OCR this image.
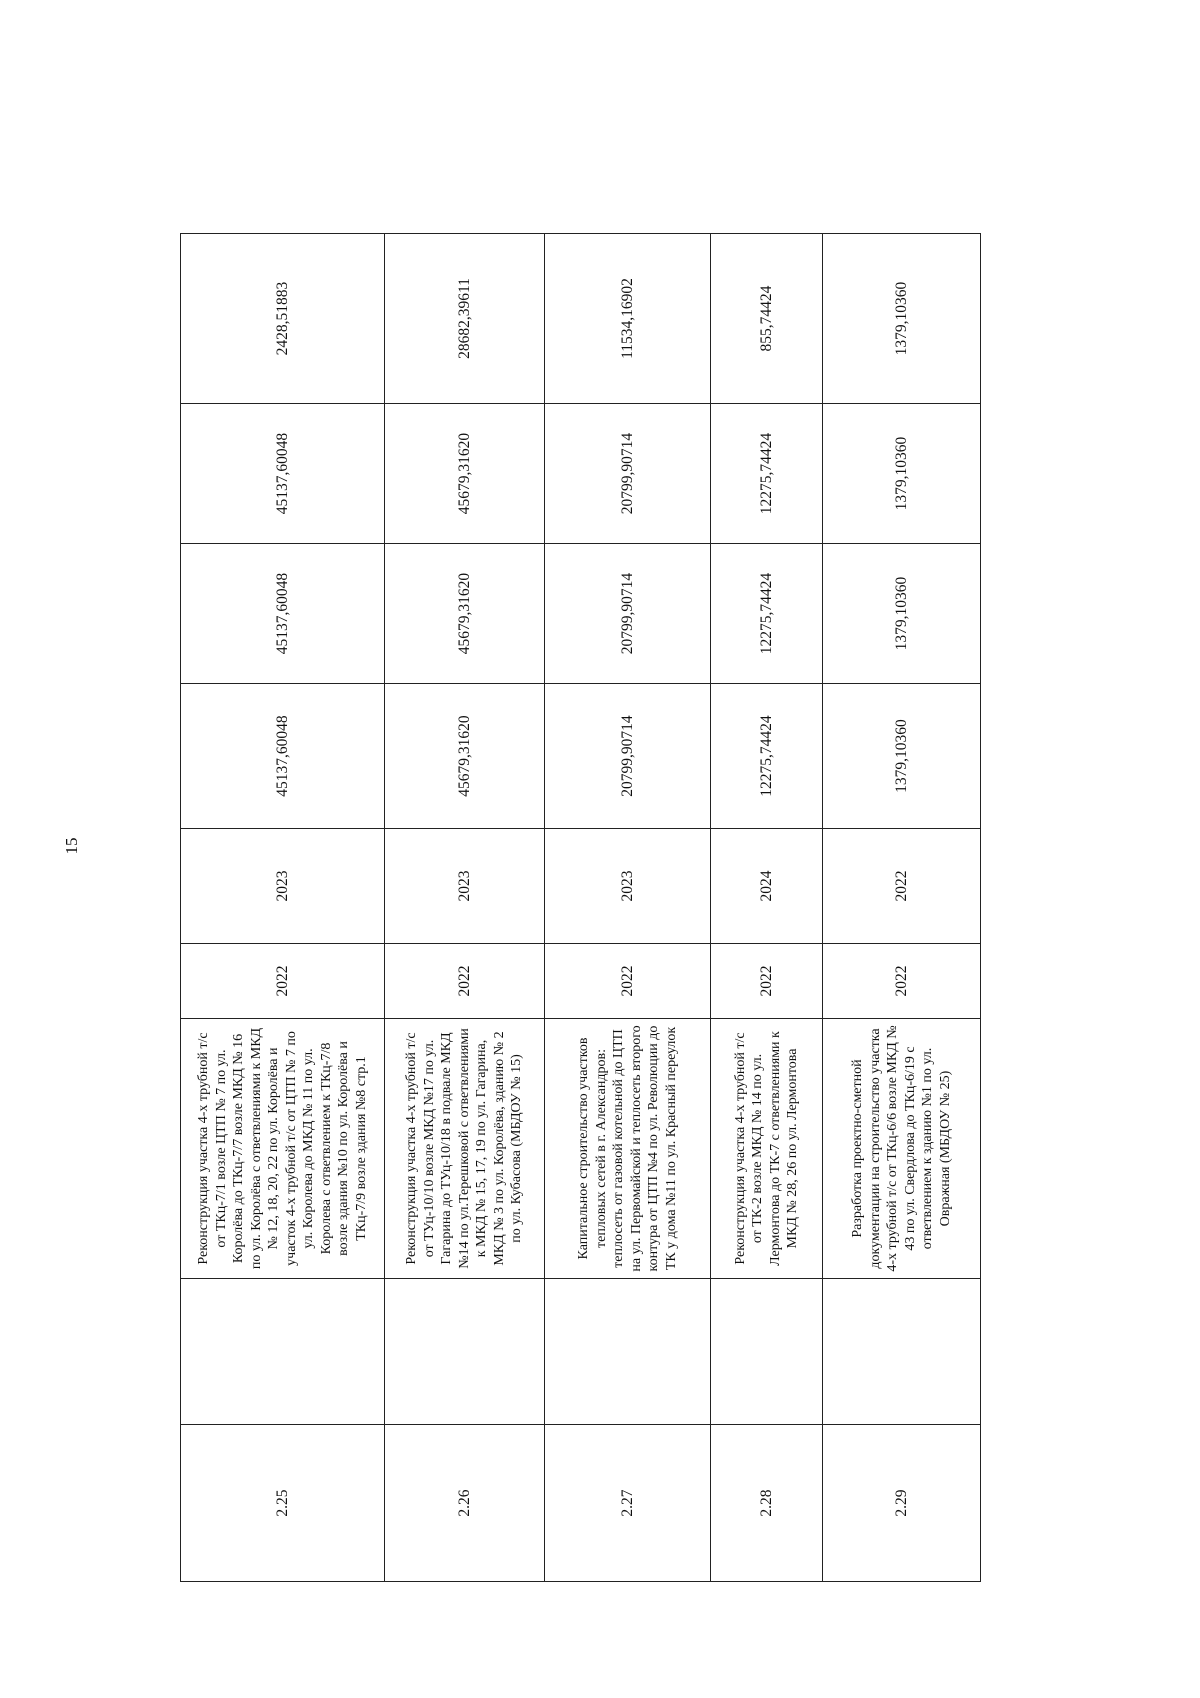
15
2.25		Реконструкция участка 4-х трубной т/с от ТКц-7/1 возле ЦТП № 7 по ул. Королёва до ТКц-7/7 возле МКД № 16 по ул. Королёва с ответвлениями к МКД № 12, 18, 20, 22 по ул. Королёва и участок 4-х трубной т/с от ЦТП № 7 по ул. Королева до МКД № 11 по ул. Королева с ответвлением к ТКц-7/8 возле здания №10 по ул. Королёва и ТКц-7/9 возле здания №8 стр.1	2022	2023	45137,60048	45137,60048	45137,60048	2428,51883
2.26		Реконструкция участка 4-х трубной т/с от ТУц-10/10 возле МКД №17 по ул. Гагарина до ТУц-10/18 в подвале МКД №14 по ул.Терешковой с ответвлениями к МКД № 15, 17, 19 по ул. Гагарина, МКД № 3 по ул. Королёва, зданию № 2 по ул. Кубасова (МБДОУ № 15)	2022	2023	45679,31620	45679,31620	45679,31620	28682,39611
2.27		Капитальное строительство участков тепловых сетей в г. Александров: теплосеть от газовой котельной до ЦТП на ул. Первомайской и теплосеть второго контура от ЦТП №4 по ул. Революции до ТК у дома №11 по ул. Красный переулок	2022	2023	20799,90714	20799,90714	20799,90714	11534,16902
2.28		Реконструкция участка 4-х трубной т/с от ТК-2 возле МКД № 14 по ул. Лермонтова до ТК-7 с ответвлениями к МКД № 28, 26 по ул. Лермонтова	2022	2024	12275,74424	12275,74424	12275,74424	855,74424
2.29		Разработка проектно-сметной документации на строительство участка 4-х трубной т/с от ТКц-6/6 возле МКД № 43 по ул. Свердлова до ТКц-6/19 с ответвлением к зданию №1 по ул. Овражная (МБДОУ № 25)	2022	2022	1379,10360	1379,10360	1379,10360	1379,10360
